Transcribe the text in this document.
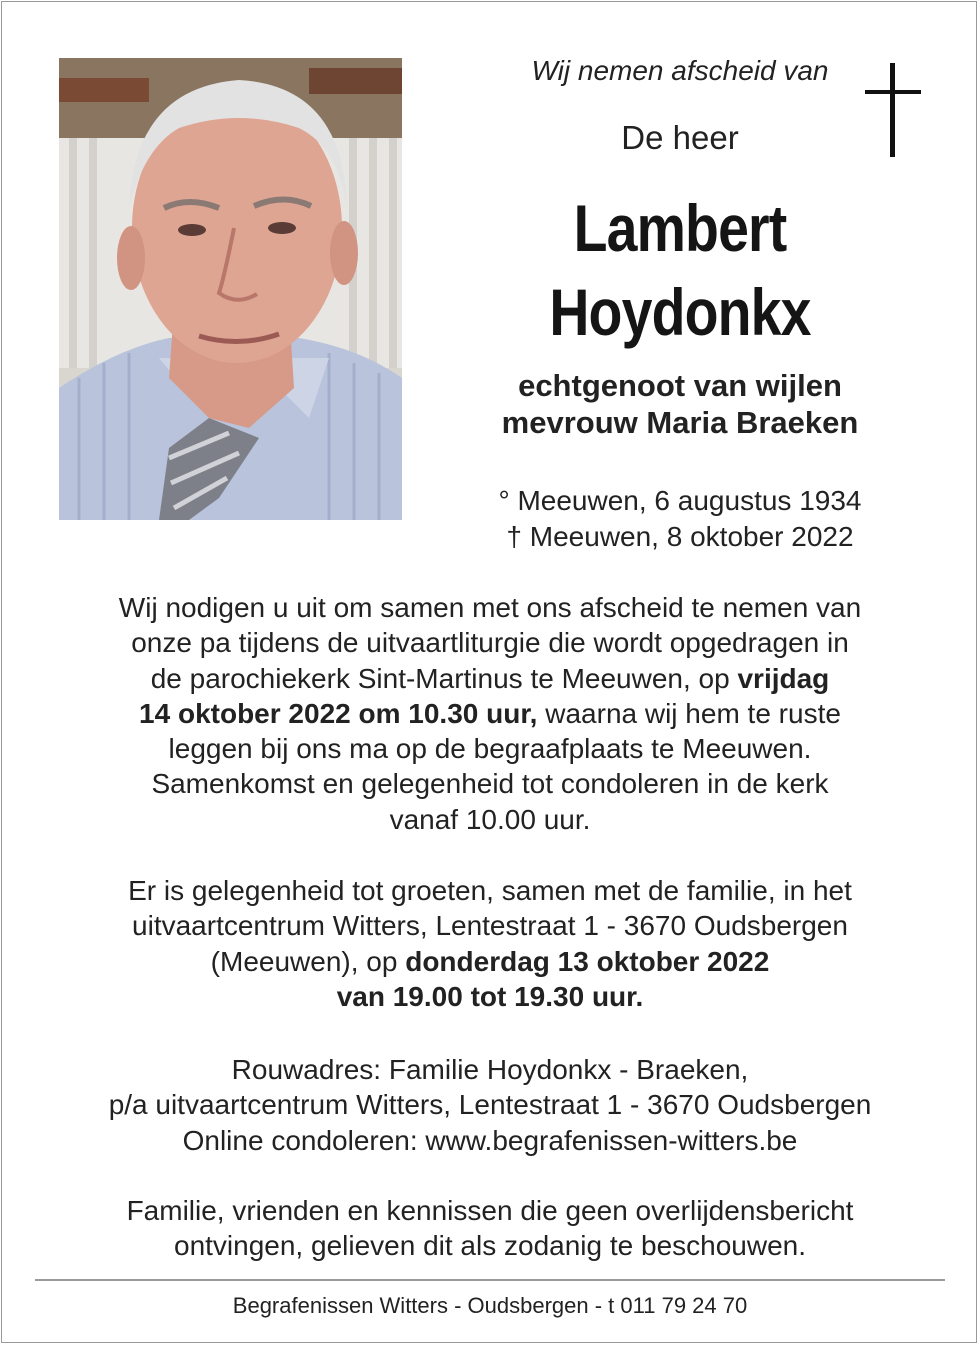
Wij nemen afscheid van
De heer
Lambert
Hoydonkx
echtgenoot van wijlen
mevrouw Maria Braeken
° Meeuwen, 6 augustus 1934
† Meeuwen, 8 oktober 2022
Wij nodigen u uit om samen met ons afscheid te nemen van
onze pa tijdens de uitvaartliturgie die wordt opgedragen in
de parochiekerk Sint-Martinus te Meeuwen, op vrijdag
14 oktober 2022 om 10.30 uur, waarna wij hem te ruste
leggen bij ons ma op de begraafplaats te Meeuwen.
Samenkomst en gelegenheid tot condoleren in de kerk
vanaf 10.00 uur.
Er is gelegenheid tot groeten, samen met de familie, in het
uitvaartcentrum Witters, Lentestraat 1 - 3670 Oudsbergen
(Meeuwen), op donderdag 13 oktober 2022
van 19.00 tot 19.30 uur.
Rouwadres: Familie Hoydonkx - Braeken,
p/a uitvaartcentrum Witters, Lentestraat 1 - 3670 Oudsbergen
Online condoleren: www.begrafenissen-witters.be
Familie, vrienden en kennissen die geen overlijdensbericht
ontvingen, gelieven dit als zodanig te beschouwen.
Begrafenissen Witters - Oudsbergen - t 011 79 24 70
